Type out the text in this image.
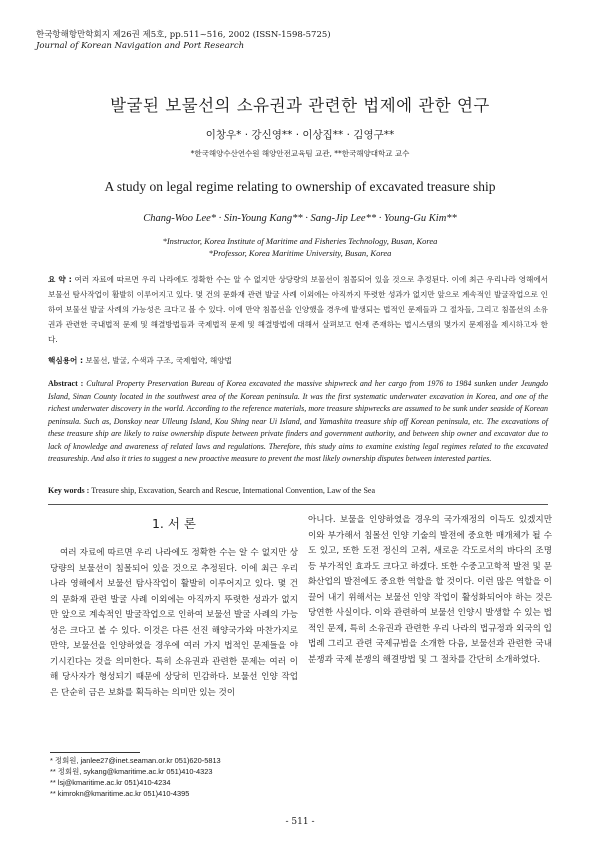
한국항해항만학회지 제26권 제5호, pp.511~516, 2002 (ISSN-1598-5725)
Journal of Korean Navigation and Port Research
발굴된 보물선의 소유권과 관련한 법제에 관한 연구
이창우* · 강신영** · 이상집** · 김영구**
*한국해양수산연수원 해양안전교육팀 교관, **한국해양대학교 교수
A study on legal regime relating to ownership of excavated treasure ship
Chang-Woo Lee* · Sin-Young Kang** · Sang-Jip Lee** · Young-Gu Kim**
*Instructor, Korea Institute of Maritime and Fisheries Technology, Busan, Korea
*Professor, Korea Maritime University, Busan, Korea
요 약 : 여러 자료에 따르면 우리 나라에도 정확한 수는 알 수 없지만 상당량의 보물선이 침몰되어 있을 것으로 추정된다. 이에 최근 우리나라 영해에서 보물선 탐사작업이 활발히 이루어지고 있다. 몇 건의 문화재 관련 발굴 사례 이외에는 아직까지 뚜렷한 성과가 없지만 앞으로 계속적인 발굴작업으로 인하여 보물선 발굴 사례의 가능성은 크다고 볼 수 있다. 이에 만약 침몰선을 인양했을 경우에 발생되는 법적인 문제들과 그 절차들, 그리고 침몰선의 소유권과 관련한 국내법적 문제 및 해결방법들과 국제법적 문제 및 해결방법에 대해서 살펴보고 현재 존재하는 법시스템의 몇가지 문제점을 제시하고자 한다.
핵심용어 : 보물선, 발굴, 수색과 구조, 국제협약, 해양법
Abstract : Cultural Property Preservation Bureau of Korea excavated the massive shipwreck and her cargo from 1976 to 1984 sunken under Jeungdo Island, Sinan County located in the southwest area of the Korean peninsula. It was the first systematic underwater excavation in Korea, and one of the richest underwater discovery in the world. According to the reference materials, more treasure shipwrecks are assumed to be sunk under seaside of Korean peninsula. Such as, Donskoy near Ulleung Island, Kou Shing near Ui Island, and Yamashita treasure ship off Korean peninsula, etc. The excavations of these treasure ship are likely to raise ownership dispute between private finders and government authority, and between ship owner and excavator due to lack of knowledge and awareness of related laws and regulations. Therefore, this study aims to examine existing legal regimes related to the excavated treasureship. And also it tries to suggest a new proactive measure to prevent the most likely ownership disputes between interested parties.
Key words : Treasure ship, Excavation, Search and Rescue, International Convention, Law of the Sea
1. 서 론
여러 자료에 따르면 우리 나라에도 정확한 수는 알 수 없지만 상당량의 보물선이 침몰되어 있을 것으로 추정된다. 이에 최근 우리나라 영해에서 보물선 탐사작업이 활발히 이루어지고 있다. 몇 건의 문화재 관련 발굴 사례 이외에는 아직까지 뚜렷한 성과가 없지만 앞으로 계속적인 발굴작업으로 인하여 보물선 발굴 사례의 가능성은 크다고 볼 수 있다. 이것은 다른 선진 해양국가와 마찬가지로 만약, 보물선을 인양하였을 경우에 여러 가지 법적인 문제들을 야기시킨다는 것을 의미한다. 특히 소유권과 관련한 문제는 여러 이해 당사자가 형성되기 때문에 상당히 민감하다. 보물선 인양 작업은 단순히 금은 보화를 획득하는 의미만 있는 것이
아니다. 보물을 인양하였을 경우의 국가재정의 이득도 있겠지만 이와 부가해서 침몰선 인양 기술의 발전에 중요한 매개체가 될 수도 있고, 또한 도전 정신의 고취, 새로운 각도로서의 바다의 조명 등 부가적인 효과도 크다고 하겠다. 또한 수중고고학적 발전 및 문화산업의 발전에도 중요한 역할을 할 것이다. 이런 많은 역할을 이끌어 내기 위해서는 보물선 인양 작업이 활성화되어야 하는 것은 당연한 사실이다. 이와 관련하여 보물선 인양시 발생할 수 있는 법적인 문제, 특히 소유권과 관련한 우리 나라의 법규정과 외국의 입법례 그리고 관련 국제규범을 소개한 다음, 보물선과 관련한 국내 분쟁과 국제 분쟁의 해결방법 및 그 절차를 간단히 소개하였다.
* 정회원, janlee27@inet.seaman.or.kr 051)620-5813
** 정회원, sykang@kmaritime.ac.kr 051)410-4323
** lsj@kmaritime.ac.kr 051)410-4234
** kimrokn@kmaritime.ac.kr 051)410-4395
- 511 -
